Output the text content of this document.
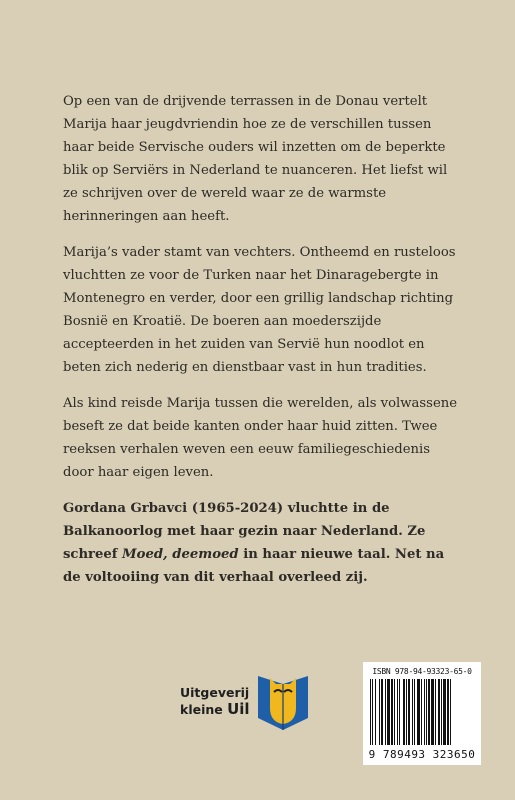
Op een van de drijvende terrassen in de Donau vertelt Marija haar jeugdvriendin hoe ze de verschillen tussen haar beide Servische ouders wil inzetten om de beperkte blik op Serviërs in Nederland te nuanceren. Het liefst wil ze schrijven over de wereld waar ze de warmste herinneringen aan heeft.

Marija’s vader stamt van vechters. Ontheemd en rusteloos vluchtten ze voor de Turken naar het Dinaragebergte in Montenegro en verder, door een grillig landschap richting Bosnië en Kroatië. De boeren aan moederszijde accepteerden in het zuiden van Servië hun noodlot en beten zich nederig en dienstbaar vast in hun tradities.

Als kind reisde Marija tussen die werelden, als volwassene beseft ze dat beide kanten onder haar huid zitten. Twee reeksen verhalen weven een eeuw familiegeschiedenis door haar eigen leven.

Gordana Grbavci (1965-2024) vluchtte in de Balkanoorlog met haar gezin naar Nederland. Ze schreef Moed, deemoed in haar nieuwe taal. Net na de voltooiing van dit verhaal overleed zij.

Uitgeverij
kleine Uil
ISBN 978-94-93323-65-0
9 789493 323650
